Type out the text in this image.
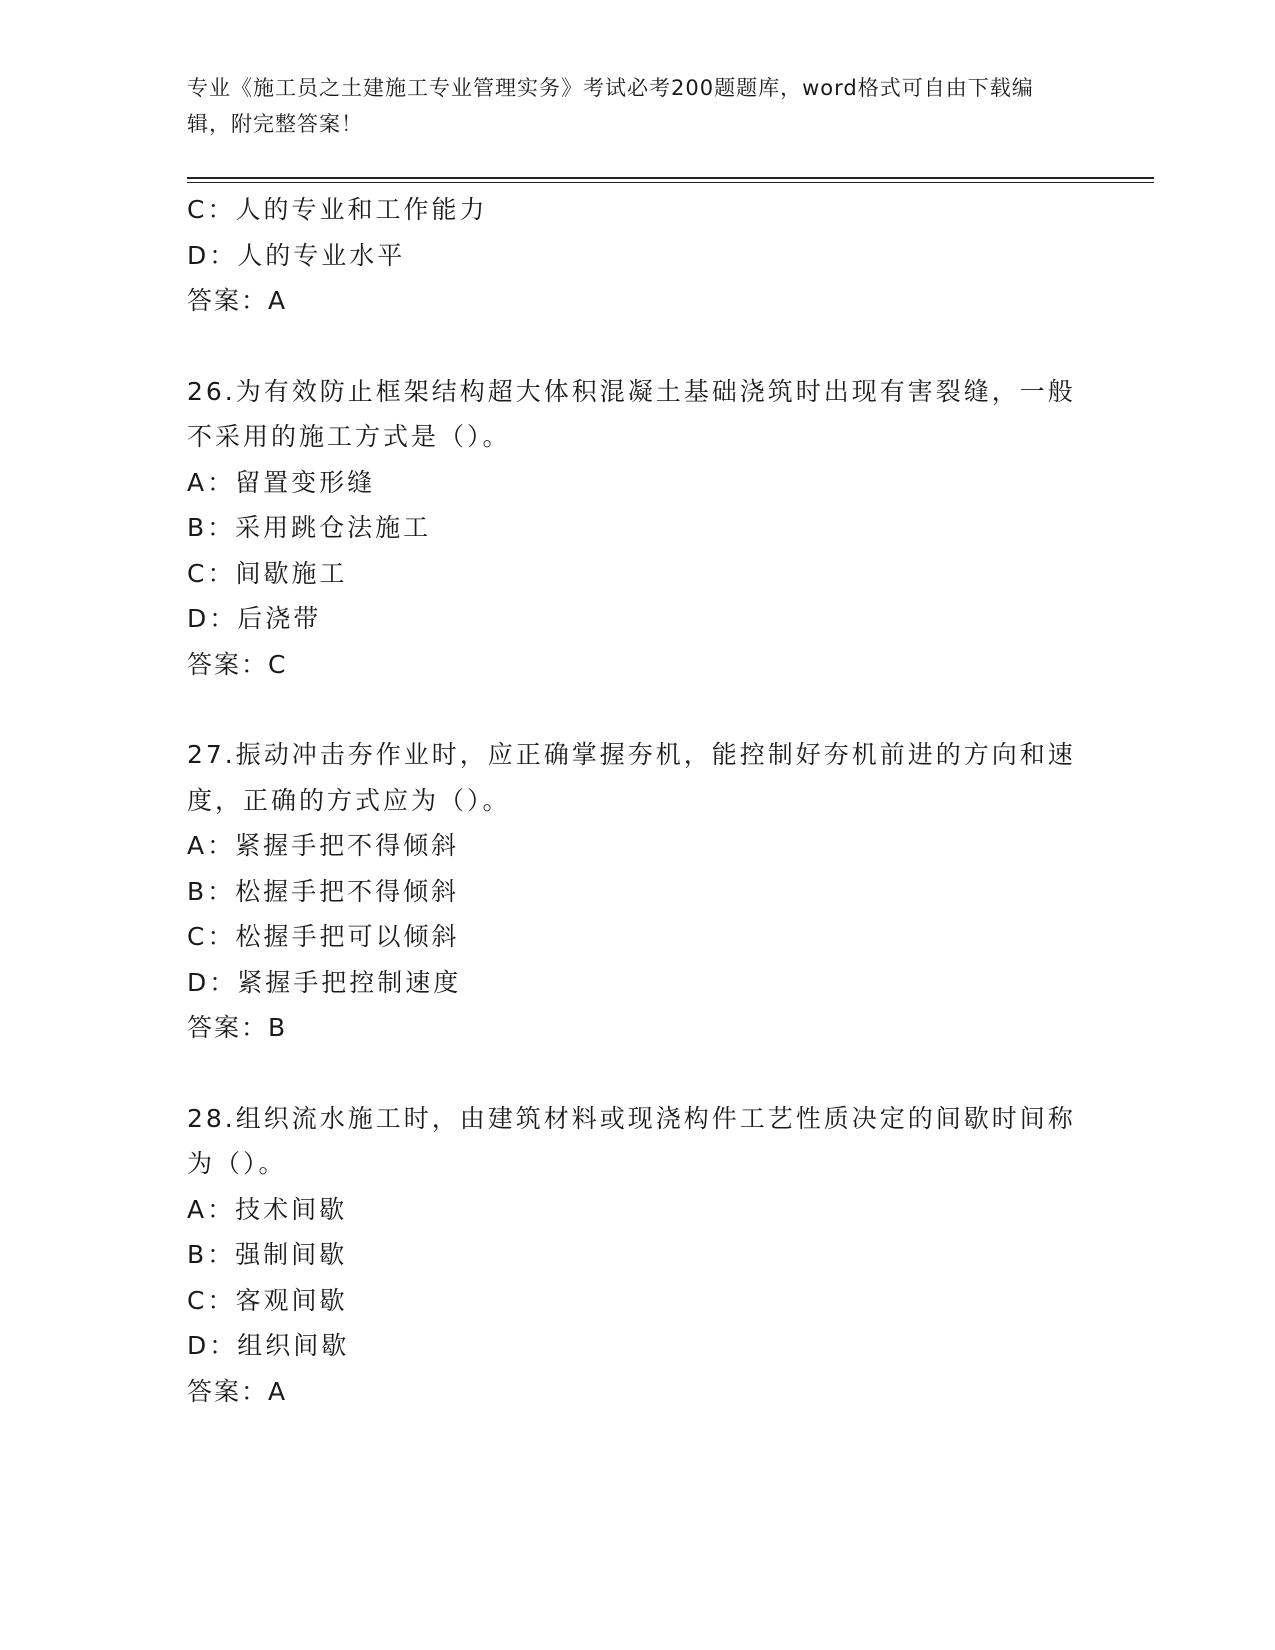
专业《施工员之土建施工专业管理实务》考试必考200题题库，word格式可自由下载编辑，附完整答案！
C：人的专业和工作能力
D：人的专业水平
答案：A
26.为有效防止框架结构超大体积混凝土基础浇筑时出现有害裂缝，一般不采用的施工方式是（）。
A：留置变形缝
B：采用跳仓法施工
C：间歇施工
D：后浇带
答案：C
27.振动冲击夯作业时，应正确掌握夯机，能控制好夯机前进的方向和速度，正确的方式应为（）。
A：紧握手把不得倾斜
B：松握手把不得倾斜
C：松握手把可以倾斜
D：紧握手把控制速度
答案：B
28.组织流水施工时，由建筑材料或现浇构件工艺性质决定的间歇时间称为（）。
A：技术间歇
B：强制间歇
C：客观间歇
D：组织间歇
答案：A
